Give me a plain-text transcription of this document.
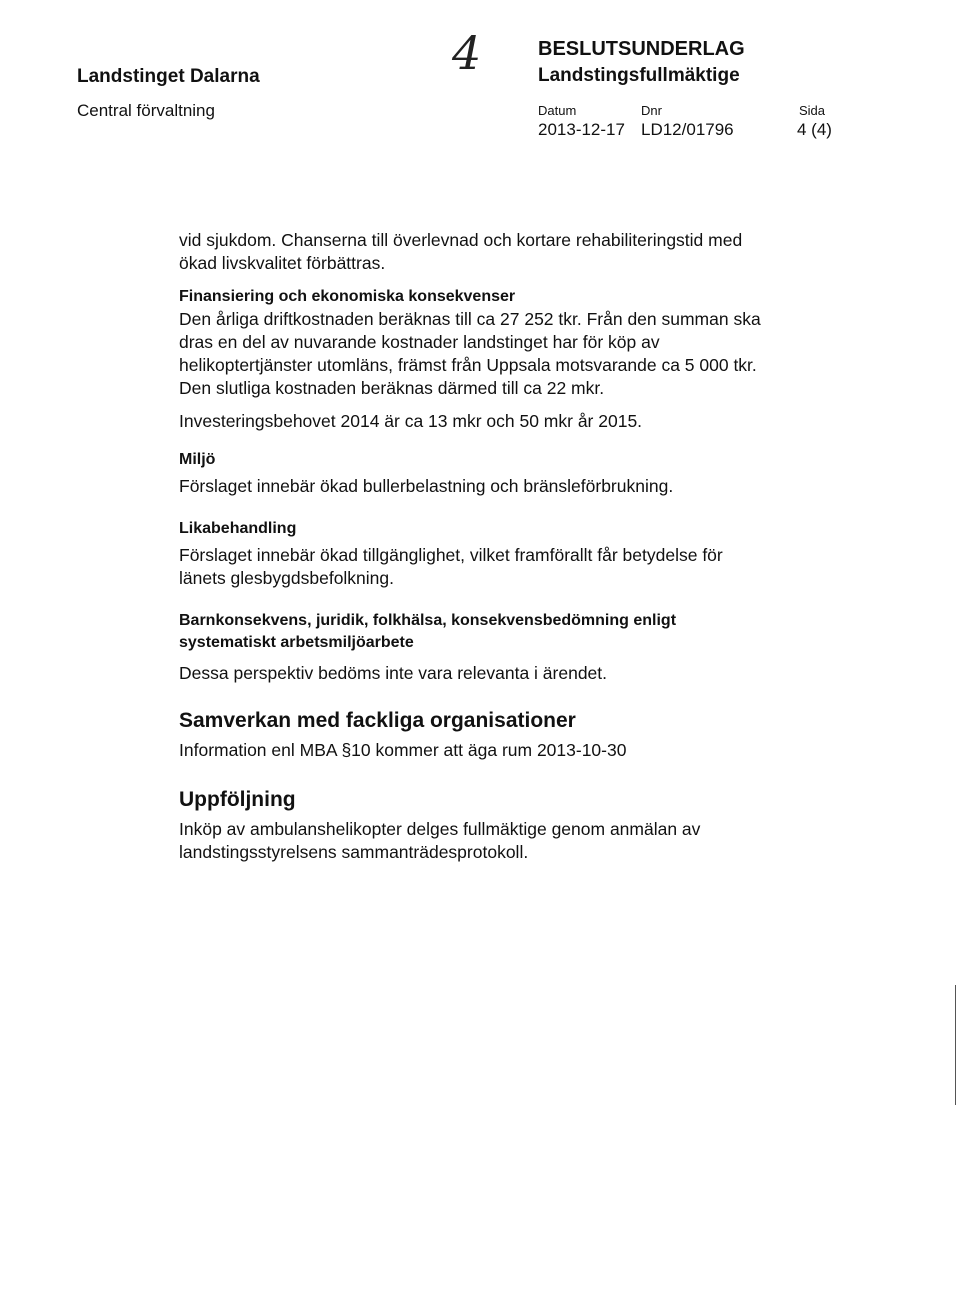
Landstinget Dalarna
Central förvaltning
4	BESLUTSUNDERLAG
Landstingsfullmäktige
Datum	Dnr	Sida
2013-12-17 LD12/01796	4 (4)

vid sjukdom. Chanserna till överlevnad och kortare rehabiliteringstid med

ökad livskvalitet förbättras.

Finansiering och ekonomiska konsekvenser

Den årliga driftkostnaden beräknas till ca 27 252 tkr. Från den summan ska

dras en del av nuvarande kostnader landstinget har för köp av

helikoptertjänster utomläns, främst från Uppsala motsvarande ca 5 000 tkr.

Den slutliga kostnaden beräknas därmed till ca 22 mkr.

Investeringsbehovet 2014 är ca 13 mkr och 50 mkr år 2015.

Miljö

Förslaget innebär ökad bullerbelastning och bränsleförbrukning.

Likabehandling

Förslaget innebär ökad tillgänglighet, vilket framförallt får betydelse för

länets glesbygdsbefolkning.

Barnkonsekvens, juridik, folkhälsa, konsekvensbedömning enligt

systematiskt arbetsmiljöarbete

Dessa perspektiv bedöms inte vara relevanta i ärendet.

Samverkan med fackliga organisationer

Information enl MBA §10 kommer att äga rum 2013-10-30

Uppföljning

Inköp av ambulanshelikopter delges fullmäktige genom anmälan av

landstingsstyrelsens sammanträdesprotokoll.
